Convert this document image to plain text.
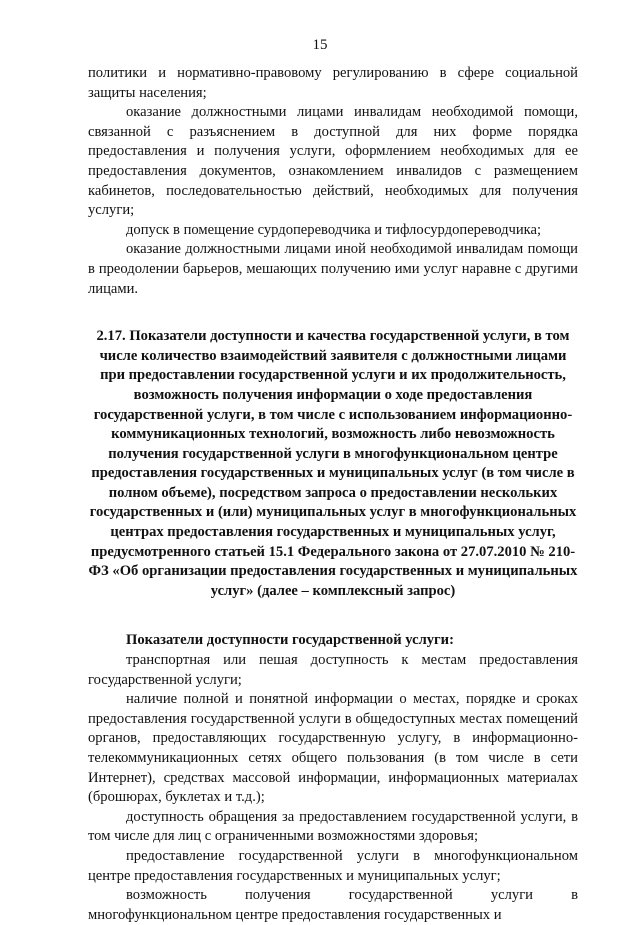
15

политики и нормативно-правовому регулированию в сфере социальной защиты населения;

оказание должностными лицами инвалидам необходимой помощи, связанной с разъяснением в доступной для них форме порядка предоставления и получения услуги, оформлением необходимых для ее предоставления документов, ознакомлением инвалидов с размещением кабинетов, последовательностью действий, необходимых для получения услуги;

допуск в помещение сурдопереводчика и тифлосурдопереводчика;

оказание должностными лицами иной необходимой инвалидам помощи в преодолении барьеров, мешающих получению ими услуг наравне с другими лицами.

2.17. Показатели доступности и качества государственной услуги, в том числе количество взаимодействий заявителя с должностными лицами при предоставлении государственной услуги и их продолжительность, возможность получения информации о ходе предоставления государственной услуги, в том числе с использованием информационно-коммуникационных технологий, возможность либо невозможность получения государственной услуги в многофункциональном центре предоставления государственных и муниципальных услуг (в том числе в полном объеме), посредством запроса о предоставлении нескольких государственных и (или) муниципальных услуг в многофункциональных центрах предоставления государственных и муниципальных услуг, предусмотренного статьей 15.1 Федерального закона от 27.07.2010 № 210-ФЗ «Об организации предоставления государственных и муниципальных услуг» (далее – комплексный запрос)

Показатели доступности государственной услуги:

транспортная или пешая доступность к местам предоставления государственной услуги;

наличие полной и понятной информации о местах, порядке и сроках предоставления государственной услуги в общедоступных местах помещений органов, предоставляющих государственную услугу, в информационно-телекоммуникационных сетях общего пользования (в том числе в сети Интернет), средствах массовой информации, информационных материалах (брошюрах, буклетах и т.д.);

доступность обращения за предоставлением государственной услуги, в том числе для лиц с ограниченными возможностями здоровья;

предоставление государственной услуги в многофункциональном центре предоставления государственных и муниципальных услуг;

возможность получения государственной услуги в многофункциональном центре предоставления государственных и
